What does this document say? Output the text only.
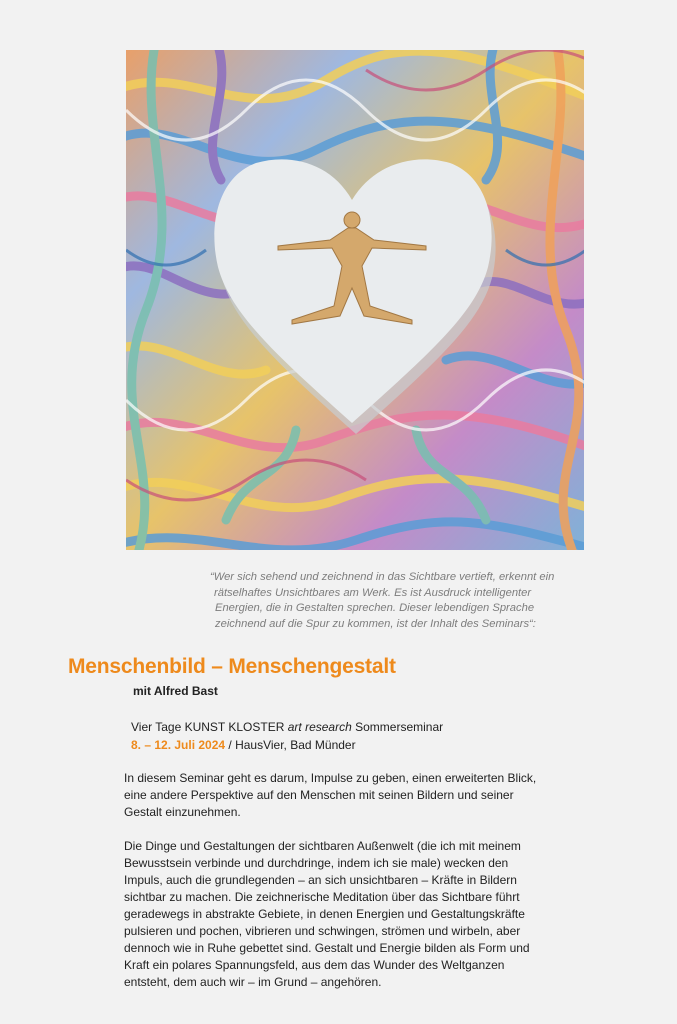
“Wer sich sehend und zeichnend in das Sichtbare vertieft, erkennt ein

rätselhaftes Unsichtbares am Werk. Es ist Ausdruck intelligenter

Energien, die in Gestalten sprechen. Dieser lebendigen Sprache

zeichnend auf die Spur zu kommen, ist der Inhalt des Seminars“:

Menschenbild – Menschengestalt

mit Alfred Bast

Vier Tage KUNST KLOSTER art research Sommerseminar

8. – 12. Juli 2024 / HausVier, Bad Münder

In diesem Seminar geht es darum, Impulse zu geben, einen erweiterten Blick,

eine andere Perspektive auf den Menschen mit seinen Bildern und seiner

Gestalt einzunehmen.

Die Dinge und Gestaltungen der sichtbaren Außenwelt (die ich mit meinem

Bewusstsein verbinde und durchdringe, indem ich sie male) wecken den

Impuls, auch die grundlegenden – an sich unsichtbaren – Kräfte in Bildern

sichtbar zu machen. Die zeichnerische Meditation über das Sichtbare führt

geradewegs in abstrakte Gebiete, in denen Energien und Gestaltungskräfte

pulsieren und pochen, vibrieren und schwingen, strömen und wirbeln, aber

dennoch wie in Ruhe gebettet sind. Gestalt und Energie bilden als Form und

Kraft ein polares Spannungsfeld, aus dem das Wunder des Weltganzen

entsteht, dem auch wir – im Grund – angehören.
